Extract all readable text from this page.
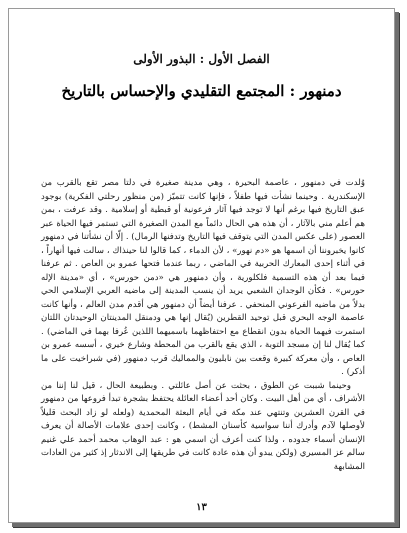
الفصل الأول : البذور الأولى
دمنهور : المجتمع التقليدي والإحساس بالتاريخ

وُلدت في دمنهور ، عاصمة البحيرة ، وهي مدينة صغيرة في دلتا مصر تقع بالقرب من الإسكندرية . وحينما نشأت فيها طفلاً ، فإنها كانت تتميّز (من منظور رحلتي الفكرية) بوجود عبق التاريخ فيها برغم أنها لا توجد فيها آثار فرعونية أو قبطية أو إسلامية . وقد عرفت ، بمن هم أعلم مني بالآثار ، أن هذه هي الحال دائماً مع المدن الصغيرة التي تستمر فيها الحياة عبر العصور (على عكس المدن التي يتوقف فيها التاريخ وتدفنها الرمال) . إلّا أن نشأتنا في دمنهور كانوا يخبروننا أن اسمها هو «دم نهور» ، لأن الدماء ، كما قالوا لنا حينذاك ، سالت فيها أنهاراً ، في أثناء إحدى المعارك الحربية في الماضي ، ربما عندما فتحها عمرو بن العاص . ثم عرفنا فيما بعد أن هذه التسمية فلكلورية ، وأن دمنهور هي «دمن حورس» ، أي «مدينة الإله حورس» . فكأن الوجدان الشعبي يريد أن ينسب المدينة إلى ماضيه العربي الإسلامي الحي بدلاً من ماضيه الفرعوني المنحفي . عرفنا أيضاً أن دمنهور هي أقدم مدن العالم ، وأنها كانت عاصمة الوجه البحري قبل توحيد القطرين (يُقال إنها هي ودمنقل المدينتان الوحيدتان اللتان استمرت فيهما الحياة بدون انقطاع مع احتفاظهما باسميهما اللذين عُرفا بهما في الماضي) . كما يُقال لنا إن مسجد التوبة ، الذي يقع بالقرب من المحطة وشارع خيري ، أسسه عمرو بن العاص ، وأن معركة كبيرة وقعت بين نابليون والمماليك قرب دمنهور (في شبراخيت على ما أذكر) .

وحينما شببت عن الطوق ، بحثت عن أصل عائلتي . وبطبيعة الحال ، قيل لنا إننا من الأشراف ، أي من أهل البيت . وكان أحد أعضاء العائلة يحتفظ بشجرة تبدأ فروعها من دمنهور في القرن العشرين وتنتهي عند مكة في أيام البعثة المحمدية (ولعله لو زاد البحث قليلاً لأوصلها لآدم وأدرك أننا سواسية كأسنان المشط) ، وكانت إحدى علامات الأصالة أن يعرف الإنسان أسماء جدوده ، ولذا كنت أعرف أن اسمي هو : عبد الوهاب محمد أحمد علي غنيم سالم عز المسيري (ولكن يبدو أن هذه عادة كانت في طريقها إلى الاندثار إذ كثير من العادات المشابهة

١٣
